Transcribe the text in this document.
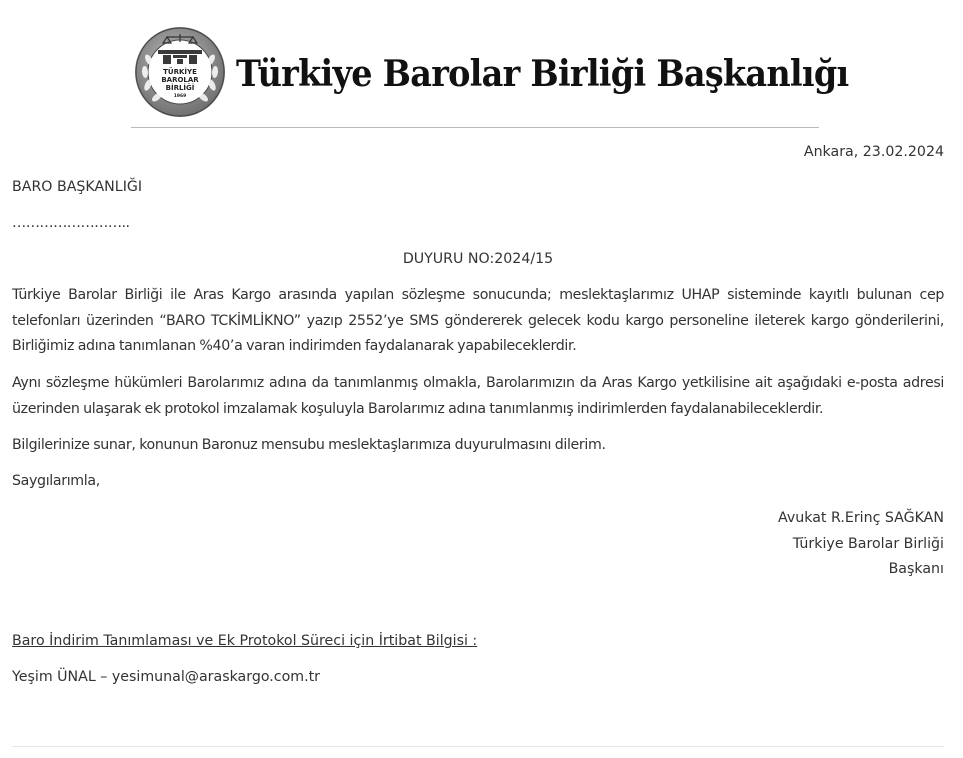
TÜRKİYE
BAROLAR
BİRLİĞİ
1969
Türkiye Barolar Birliği Başkanlığı
Ankara, 23.02.2024
BARO BAŞKANLIĞI
……………………..
DUYURU NO:2024/15

Türkiye Barolar Birliği ile Aras Kargo arasında yapılan sözleşme sonucunda; meslektaşlarımız UHAP sisteminde kayıtlı bulunan cep telefonları üzerinden “BARO TCKİMLİKNO” yazıp 2552’ye SMS göndererek gelecek kodu kargo personeline ileterek kargo gönderilerini, Birliğimiz adına tanımlanan %40’a varan indirimden faydalanarak yapabileceklerdir.

Aynı sözleşme hükümleri Barolarımız adına da tanımlanmış olmakla, Barolarımızın da Aras Kargo yetkilisine ait aşağıdaki e-posta adresi üzerinden ulaşarak ek protokol imzalamak koşuluyla Barolarımız adına tanımlanmış indirimlerden faydalanabileceklerdir.

Bilgilerinize sunar, konunun Baronuz mensubu meslektaşlarımıza duyurulmasını dilerim.

Saygılarımla,

Avukat R.Erinç SAĞKAN
Türkiye Barolar Birliği
Başkanı
Baro İndirim Tanımlaması ve Ek Protokol Süreci için İrtibat Bilgisi :
Yeşim ÜNAL – yesimunal@araskargo.com.tr
